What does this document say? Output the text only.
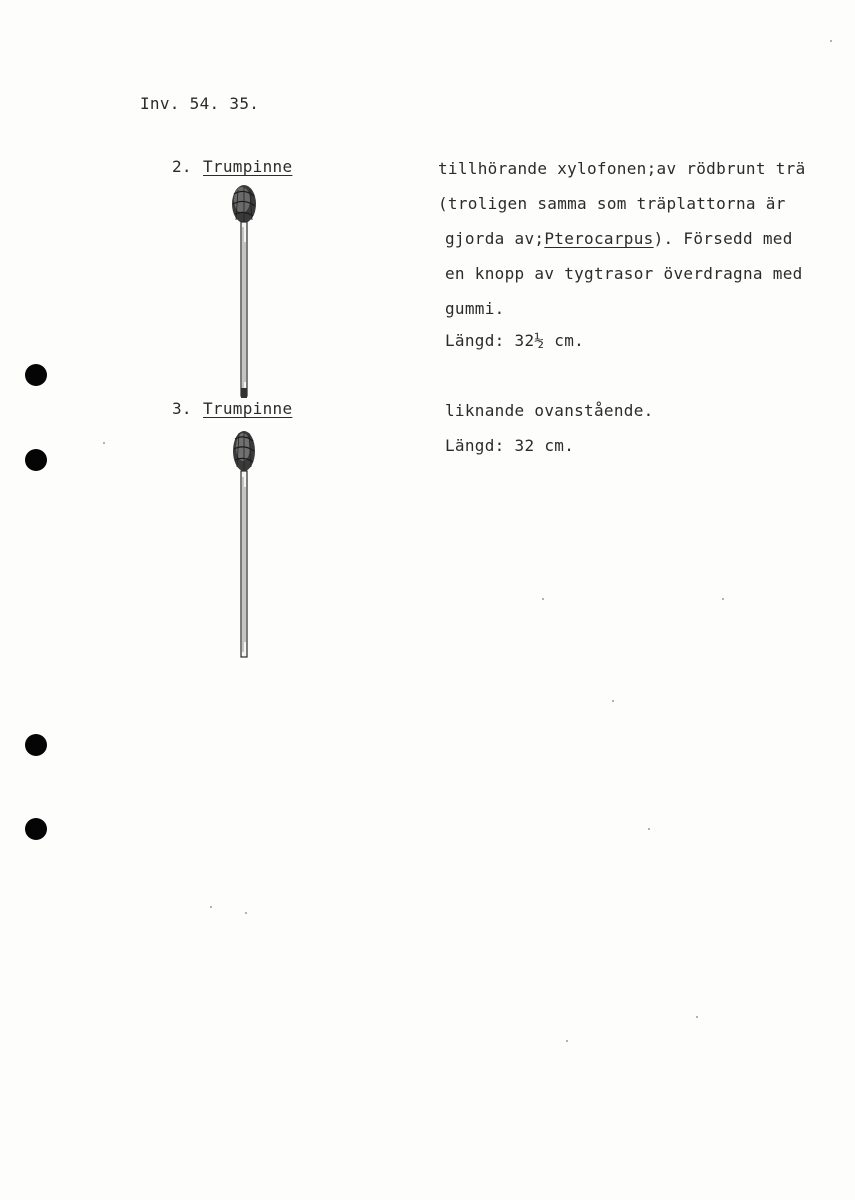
Inv. 54. 35.
2. Trumpinne	tillhörande xylofonen;av rödbrunt trä
(troligen samma som träplattorna är
gjorda av;Pterocarpus). Försedd med
en knopp av tygtrasor överdragna med
gummi.
Längd: 32½ cm.
3. Trumpinne	liknande ovanstående.
Längd: 32 cm.
